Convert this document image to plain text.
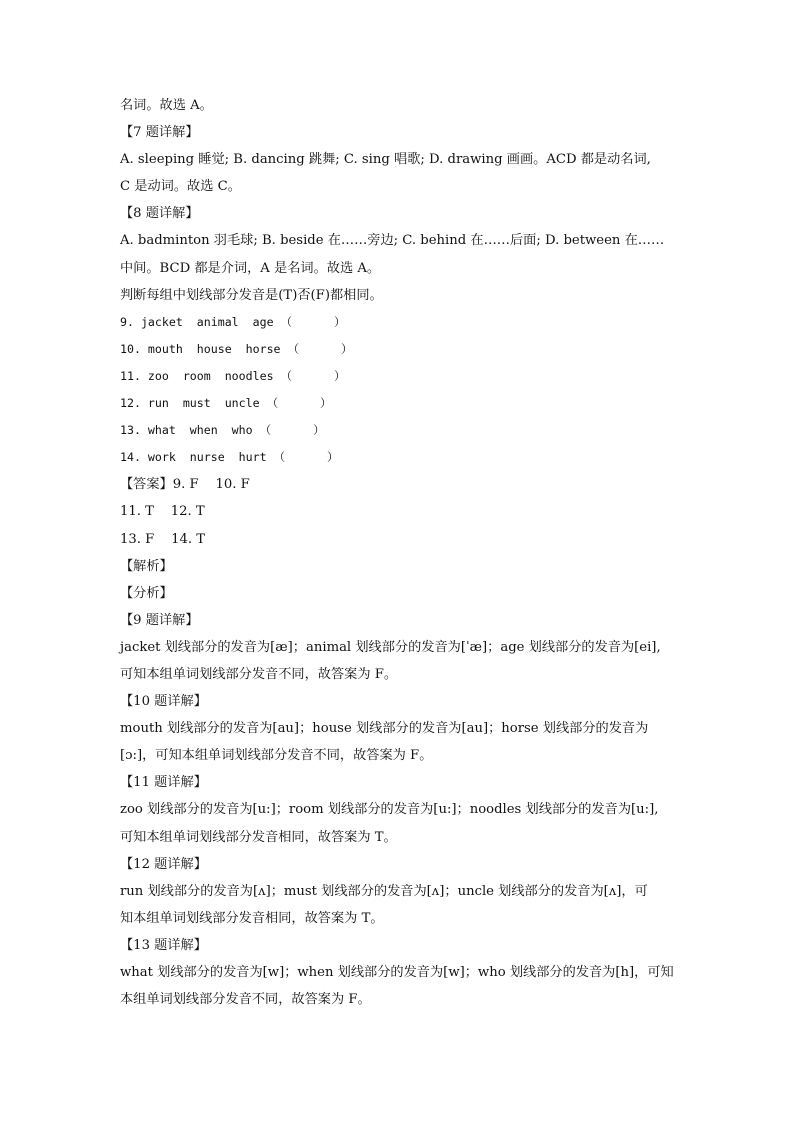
名词。故选 A。
【7 题详解】
A. sleeping 睡觉; B. dancing 跳舞; C. sing 唱歌; D. drawing 画画。ACD 都是动名词,
C 是动词。故选 C。
【8 题详解】
A. badminton 羽毛球; B. beside 在……旁边; C. behind 在……后面; D. between 在……
中间。BCD 都是介词，A 是名词。故选 A。
判断每组中划线部分发音是(T)否(F)都相同。
9. jacket  animal  age （      ）
10. mouth  house  horse （      ）
11. zoo  room  noodles （      ）
12. run  must  uncle （      ）
13. what  when  who （      ）
14. work  nurse  hurt （      ）
【答案】9. F    10. F
11. T    12. T
13. F    14. T
【解析】
【分析】
【9 题详解】
jacket 划线部分的发音为[æ]；animal 划线部分的发音为[ˈæ]；age 划线部分的发音为[ei],
可知本组单词划线部分发音不同，故答案为 F。
【10 题详解】
mouth 划线部分的发音为[au]；house 划线部分的发音为[au]；horse 划线部分的发音为
[ɔ:]，可知本组单词划线部分发音不同，故答案为 F。
【11 题详解】
zoo 划线部分的发音为[u:]；room 划线部分的发音为[u:]；noodles 划线部分的发音为[u:],
可知本组单词划线部分发音相同，故答案为 T。
【12 题详解】
run 划线部分的发音为[ʌ]；must 划线部分的发音为[ʌ]；uncle 划线部分的发音为[ʌ]，可
知本组单词划线部分发音相同，故答案为 T。
【13 题详解】
what 划线部分的发音为[w]；when 划线部分的发音为[w]；who 划线部分的发音为[h]，可知
本组单词划线部分发音不同，故答案为 F。
